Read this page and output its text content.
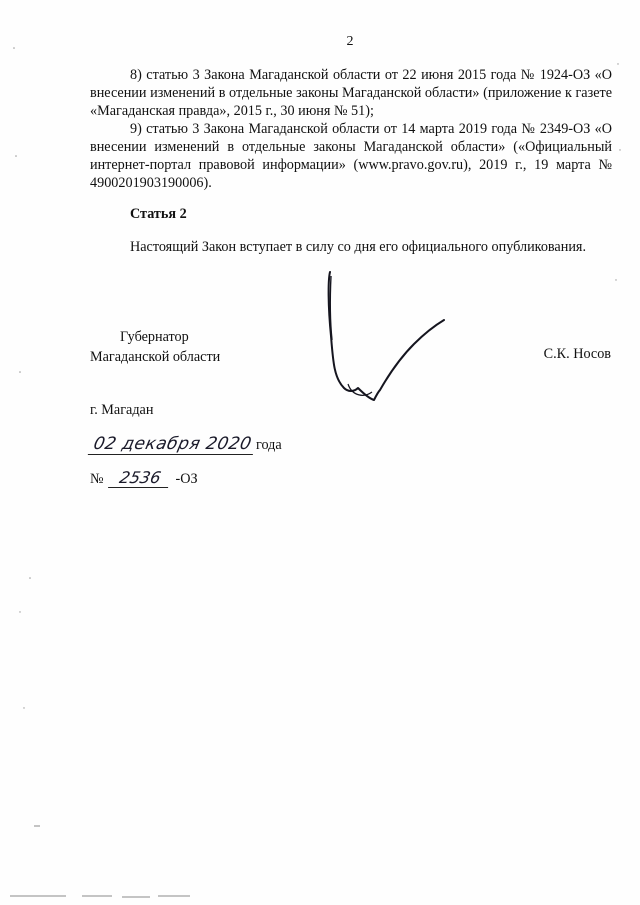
2

8) статью 3 Закона Магаданской области от 22 июня 2015 года № 1924-ОЗ «О внесении изменений в отдельные законы Магаданской области» (приложение к газете «Магаданская правда», 2015 г., 30 июня № 51);

9) статью 3 Закона Магаданской области от 14 марта 2019 года № 2349-ОЗ «О внесении изменений в отдельные законы Магаданской области» («Официальный интернет-портал правовой информации» (www.pravo.gov.ru), 2019 г., 19 марта № 4900201903190006).

Статья 2

Настоящий Закон вступает в силу со дня его официального опубликования.

Губернатор
Магаданской области	С.К. Носов
г. Магадан
02 декабря 2020 года
№ 2536 -ОЗ
